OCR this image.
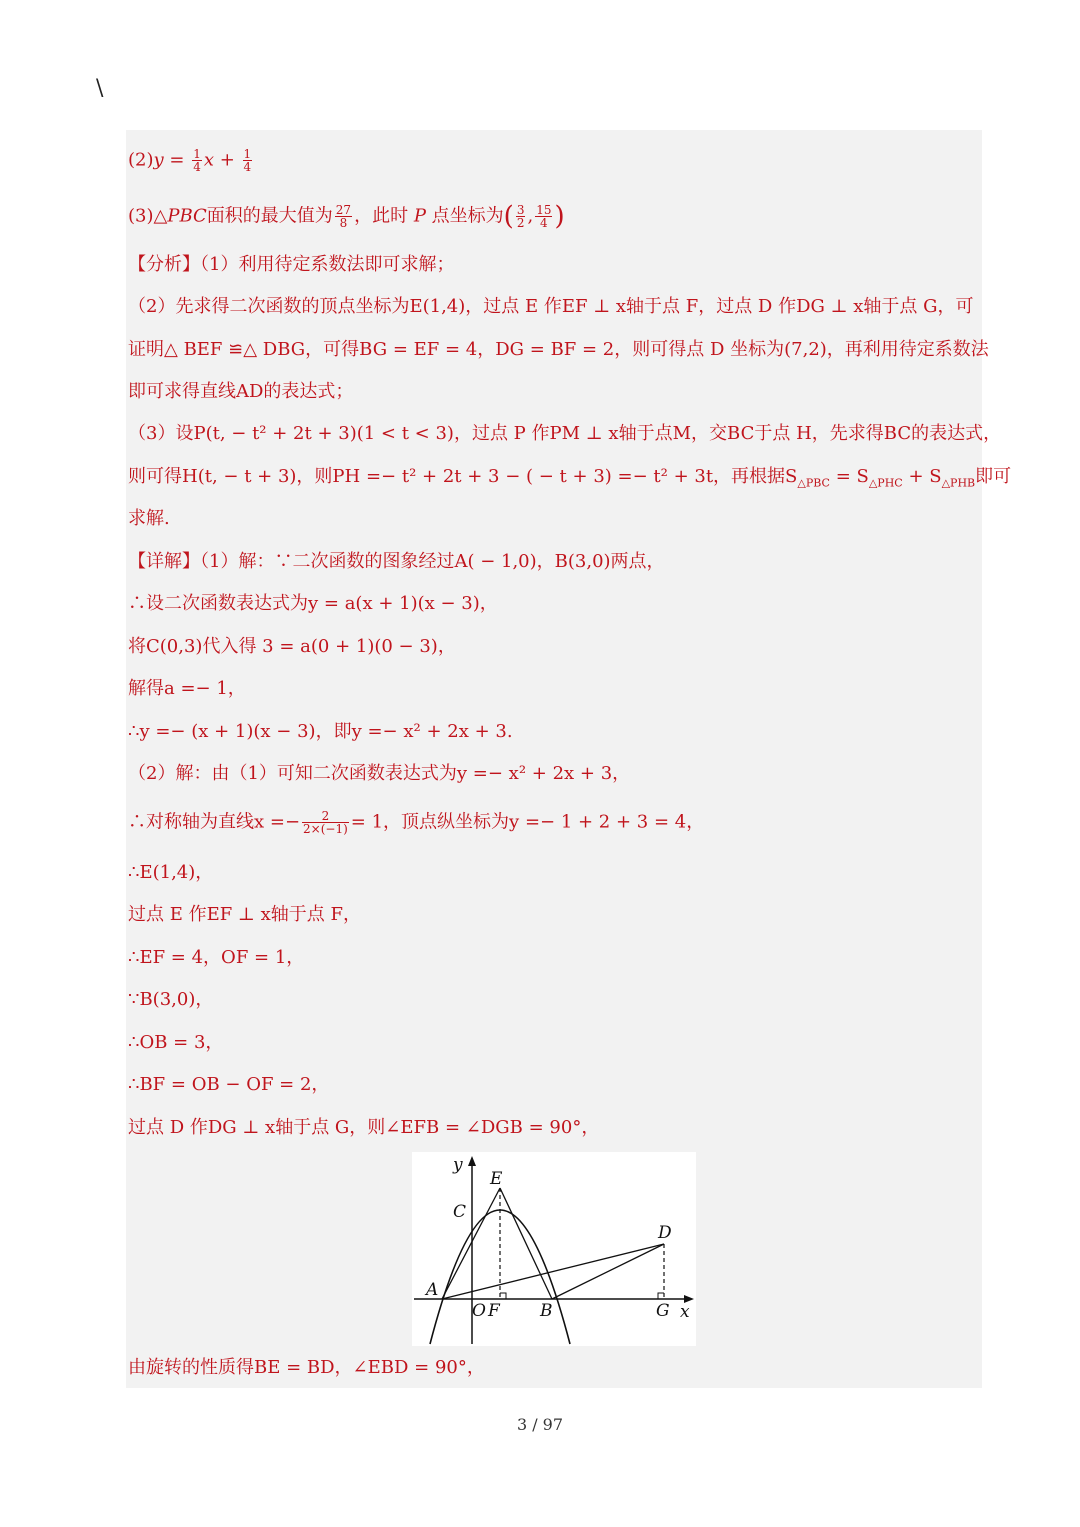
\
$(2)y = \frac{1}{4}$ $x + \frac{1}{4}$
(3)△PBC面积的最大值为 $\frac{27}{8}$ ，此时 P 点坐标为( $\frac{3}{2}$ , $\frac{15}{4}$ )
【分析】（1）利用待定系数法即可求解；
（2）先求得二次函数的顶点坐标为E(1,4)，过点 E 作EF ⊥ x轴于点 F，过点 D 作DG ⊥ x轴于点 G，可
证明△ BEF ≌△ DBG，可得BG = EF = 4，DG = BF = 2，则可得点 D 坐标为(7,2)，再利用待定系数法
即可求得直线AD的表达式；
（3）设P(t, − t² + 2t + 3)(1 < t < 3)，过点 P 作PM ⊥ x轴于点M，交BC于点 H，先求得BC的表达式，
则可得H(t, − t + 3)，则PH =− t² + 2t + 3 − ( − t + 3) =− t² + 3t，再根据$S_{\triangle PBC} = S_{\triangle PHC} + S_{\triangle PHB}$即可
求解.
【详解】（1）解：∵二次函数的图象经过A( − 1,0)，B(3,0)两点，
∴设二次函数表达式为y = a(x + 1)(x − 3)，
将C(0,3)代入得 3 = a(0 + 1)(0 − 3)，
解得a =− 1，
∴y =− (x + 1)(x − 3)，即y =− x² + 2x + 3.
（2）解：由（1）可知二次函数表达式为y =− x² + 2x + 3，
∴对称轴为直线$x =- \frac{2}{2\times(-1)} = 1$，顶点纵坐标为y =− 1 + 2 + 3 = 4，
∴E(1,4)，
过点 E 作EF ⊥ x轴于点 F，
∴EF = 4，OF = 1，
∵B(3,0)，
∴OB = 3，
∴BF = OB − OF = 2，
过点 D 作DG ⊥ x轴于点 G，则∠EFB = ∠DGB = 90°，
y
E
C
D
A
O F B	G x
由旋转的性质得BE = BD，∠EBD = 90°，
3 / 97
